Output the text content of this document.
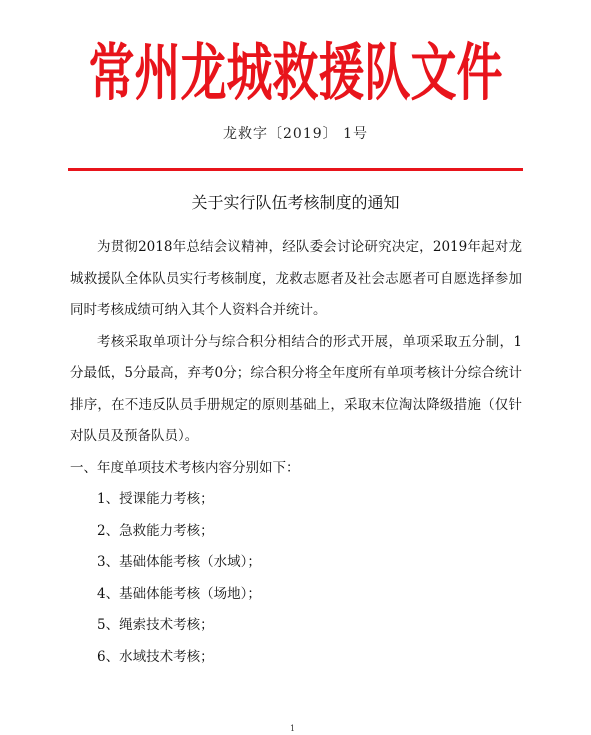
常州龙城救援队文件
龙救字〔2019〕 1号
关于实行队伍考核制度的通知

为贯彻2018年总结会议精神，经队委会讨论研究决定，2019年起对龙城救援队全体队员实行考核制度，龙救志愿者及社会志愿者可自愿选择参加同时考核成绩可纳入其个人资料合并统计。

考核采取单项计分与综合积分相结合的形式开展，单项采取五分制，1分最低，5分最高，弃考0分；综合积分将全年度所有单项考核计分综合统计排序，在不违反队员手册规定的原则基础上，采取末位淘汰降级措施（仅针对队员及预备队员）。

一、年度单项技术考核内容分别如下：

1、授课能力考核；

2、急救能力考核；

3、基础体能考核（水域）；

4、基础体能考核（场地）；

5、绳索技术考核；

6、水域技术考核；

1
